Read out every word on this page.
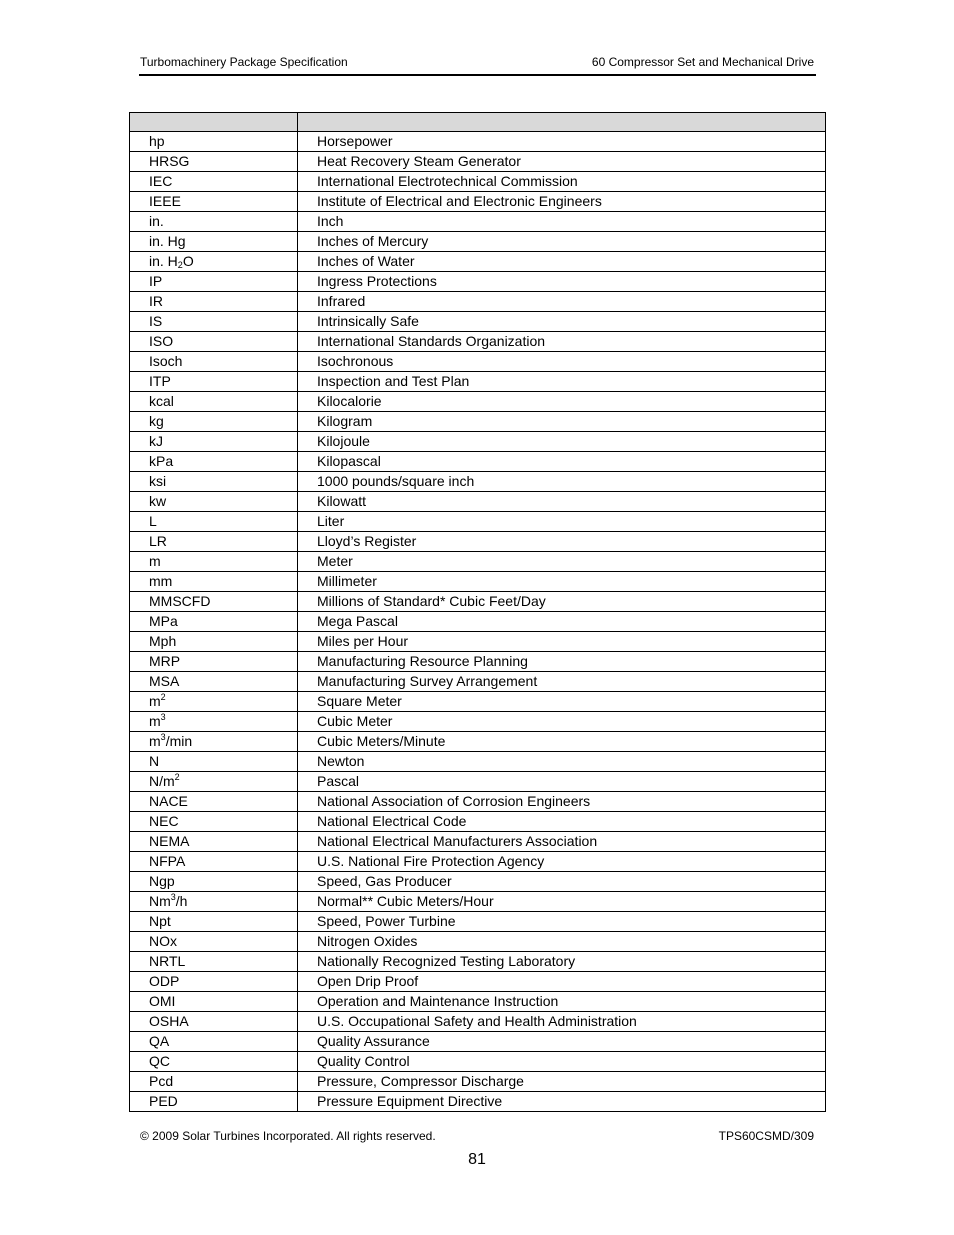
Turbomachinery Package Specification	60 Compressor Set and Mechanical Drive

hp	Horsepower
HRSG	Heat Recovery Steam Generator
IEC	International Electrotechnical Commission
IEEE	Institute of Electrical and Electronic Engineers
in.	Inch
in. Hg	Inches of Mercury
in. $H_2O$	Inches of Water
IP	Ingress Protections
IR	Infrared
IS	Intrinsically Safe
ISO	International Standards Organization
Isoch	Isochronous
ITP	Inspection and Test Plan
kcal	Kilocalorie
kg	Kilogram
kJ	Kilojoule
kPa	Kilopascal
ksi	1000 pounds/square inch
kw	Kilowatt
L	Liter
LR	Lloyd’s Register
m	Meter
mm	Millimeter
MMSCFD	Millions of Standard* Cubic Feet/Day
MPa	Mega Pascal
Mph	Miles per Hour
MRP	Manufacturing Resource Planning
MSA	Manufacturing Survey Arrangement
$m^2$	Square Meter
$m^3$	Cubic Meter
$m^3/\min$	Cubic Meters/Minute
N	Newton
$N/m^2$	Pascal
NACE	National Association of Corrosion Engineers
NEC	National Electrical Code
NEMA	National Electrical Manufacturers Association
NFPA	U.S. National Fire Protection Agency
Ngp	Speed, Gas Producer
Nm$^3$/h	Normal** Cubic Meters/Hour
Npt	Speed, Power Turbine
NOx	Nitrogen Oxides
NRTL	Nationally Recognized Testing Laboratory
ODP	Open Drip Proof
OMI	Operation and Maintenance Instruction
OSHA	U.S. Occupational Safety and Health Administration
QA	Quality Assurance
QC	Quality Control
Pcd	Pressure, Compressor Discharge
PED	Pressure Equipment Directive
© 2009 Solar Turbines Incorporated. All rights reserved.	TPS60CSMD/309
81
